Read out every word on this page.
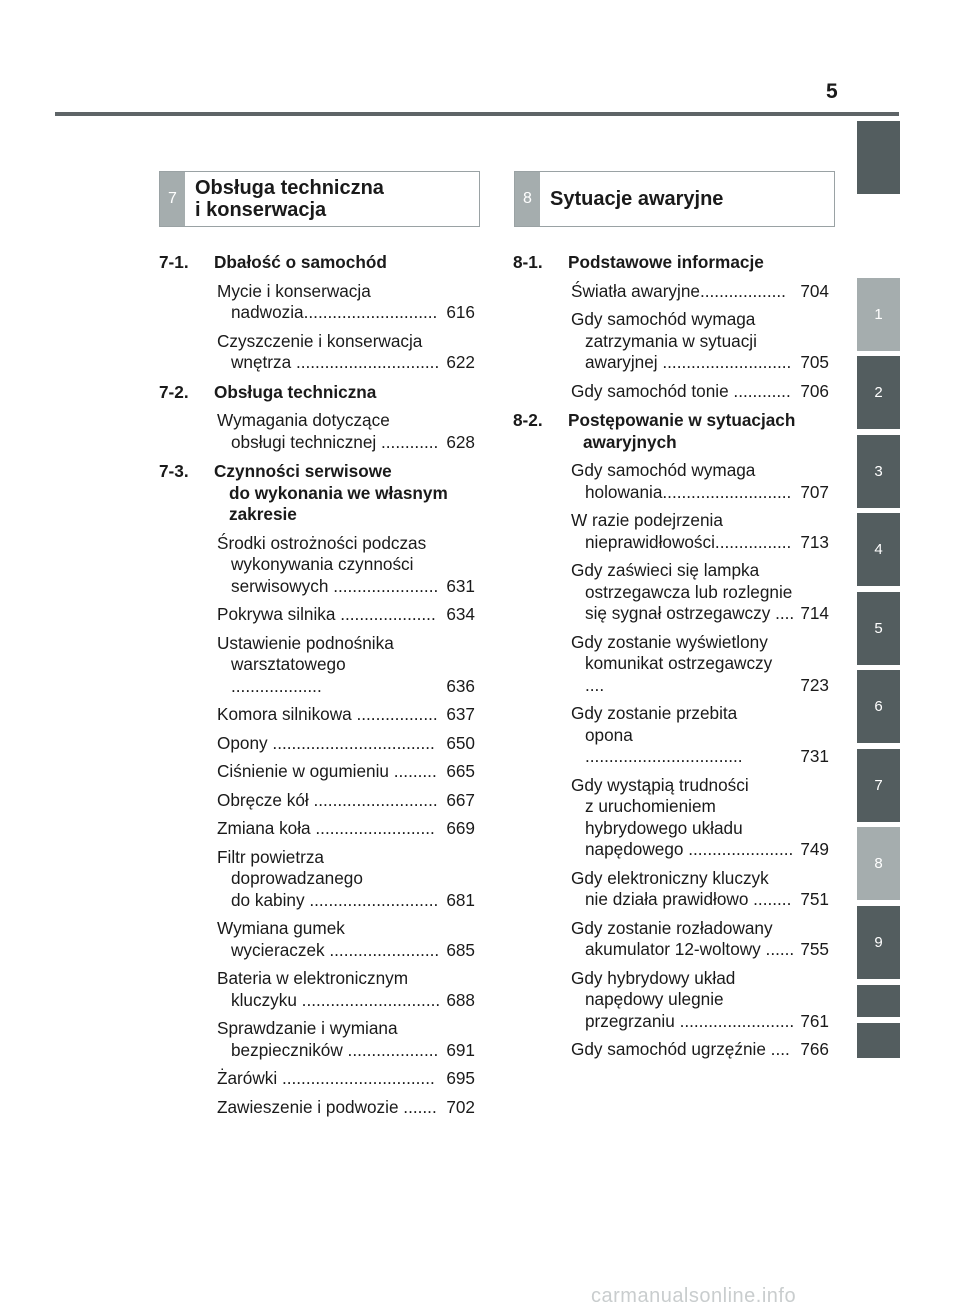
5
1
2
3
4
5
6
7
8
9
7 Obsługa techniczna
i konserwacja
8 Sytuacje awaryjne
7-1. Dbałość o samochód
Mycie i konserwacja
nadwozia............................ 616
Czyszczenie i konserwacja
wnętrza .............................. 622
7-2. Obsługa techniczna
Wymagania dotyczące
obsługi technicznej ............ 628
7-3. Czynności serwisowe
do wykonania we własnym
zakresie
Środki ostrożności podczas
wykonywania czynności
serwisowych ...................... 631
Pokrywa silnika .................... 634
Ustawienie podnośnika
warsztatowego ...................	636
Komora silnikowa ................. 637
Opony .................................. 650
Ciśnienie w ogumieniu ......... 665
Obręcze kół .......................... 667
Zmiana koła ......................... 669
Filtr powietrza
doprowadzanego
do kabiny ........................... 681
Wymiana gumek
wycieraczek ....................... 685
Bateria w elektronicznym
kluczyku ............................. 688
Sprawdzanie i wymiana
bezpieczników ................... 691
Żarówki ................................ 695
Zawieszenie i podwozie ....... 702
8-1. Podstawowe informacje
Światła awaryjne.................. 704
Gdy samochód wymaga
zatrzymania w sytuacji
awaryjnej ........................... 705
Gdy samochód tonie ............ 706
8-2. Postępowanie w sytuacjach
awaryjnych
Gdy samochód wymaga
holowania........................... 707
W razie podejrzenia
nieprawidłowości................ 713
Gdy zaświeci się lampka
ostrzegawcza lub rozlegnie
się sygnał ostrzegawczy .... 714
Gdy zostanie wyświetlony
komunikat ostrzegawczy ....	723
Gdy zostanie przebita
opona .................................	731
Gdy wystąpią trudności
z uruchomieniem
hybrydowego układu
napędowego ...................... 749
Gdy elektroniczny kluczyk
nie działa prawidłowo ........ 751
Gdy zostanie rozładowany
akumulator 12-woltowy ...... 755
Gdy hybrydowy układ
napędowy ulegnie
przegrzaniu ........................ 761
Gdy samochód ugrzęźnie .... 766
carmanualsonline.info
